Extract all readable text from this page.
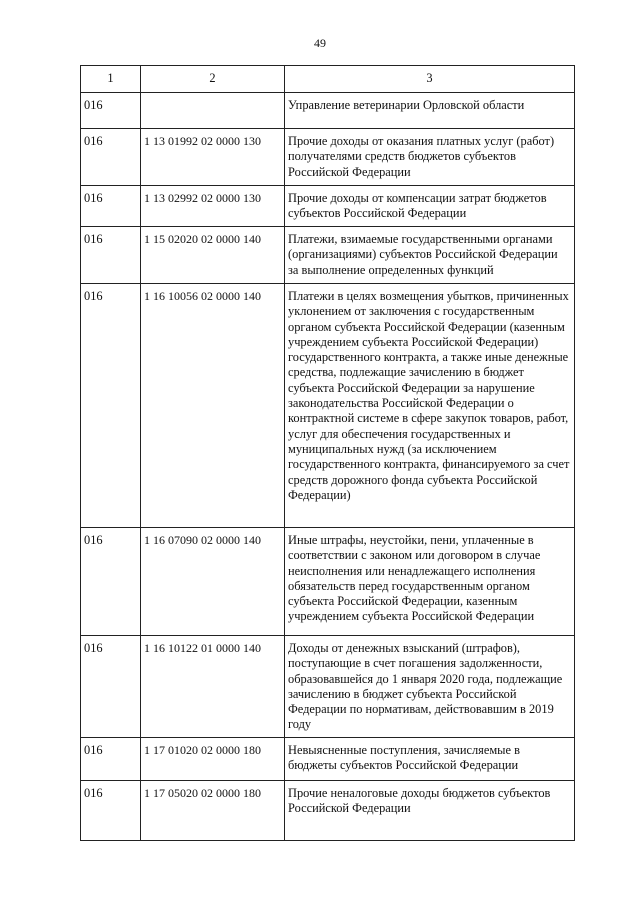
49
1	2	3
016		Управление ветеринарии Орловской области
016	1 13 01992 02 0000 130	Прочие доходы от оказания платных услуг (работ) получателями средств бюджетов субъектов Российской Федерации
016	1 13 02992 02 0000 130	Прочие доходы от компенсации затрат бюджетов субъектов Российской Федерации
016	1 15 02020 02 0000 140	Платежи, взимаемые государственными органами (организациями) субъектов Российской Федерации за выполнение определенных функций
016	1 16 10056 02 0000 140	Платежи в целях возмещения убытков, причиненных уклонением от заключения с государственным органом субъекта Российской Федерации (казенным учреждением субъекта Российской Федерации) государственного контракта, а также иные денежные средства, подлежащие зачислению в бюджет субъекта Российской Федерации за нарушение законодательства Российской Федерации о контрактной системе в сфере закупок товаров, работ, услуг для обеспечения государственных и муниципальных нужд (за исключением государственного контракта, финансируемого за счет средств дорожного фонда субъекта Российской Федерации)
016	1 16 07090 02 0000 140	Иные штрафы, неустойки, пени, уплаченные в соответствии с законом или договором в случае неисполнения или ненадлежащего исполнения обязательств перед государственным органом субъекта Российской Федерации, казенным учреждением субъекта Российской Федерации
016	1 16 10122 01 0000 140	Доходы от денежных взысканий (штрафов), поступающие в счет погашения задолженности, образовавшейся до 1 января 2020 года, подлежащие зачислению в бюджет субъекта Российской Федерации по нормативам, действовавшим в 2019 году
016	1 17 01020 02 0000 180	Невыясненные поступления, зачисляемые в бюджеты субъектов Российской Федерации
016	1 17 05020 02 0000 180	Прочие неналоговые доходы бюджетов субъектов Российской Федерации
